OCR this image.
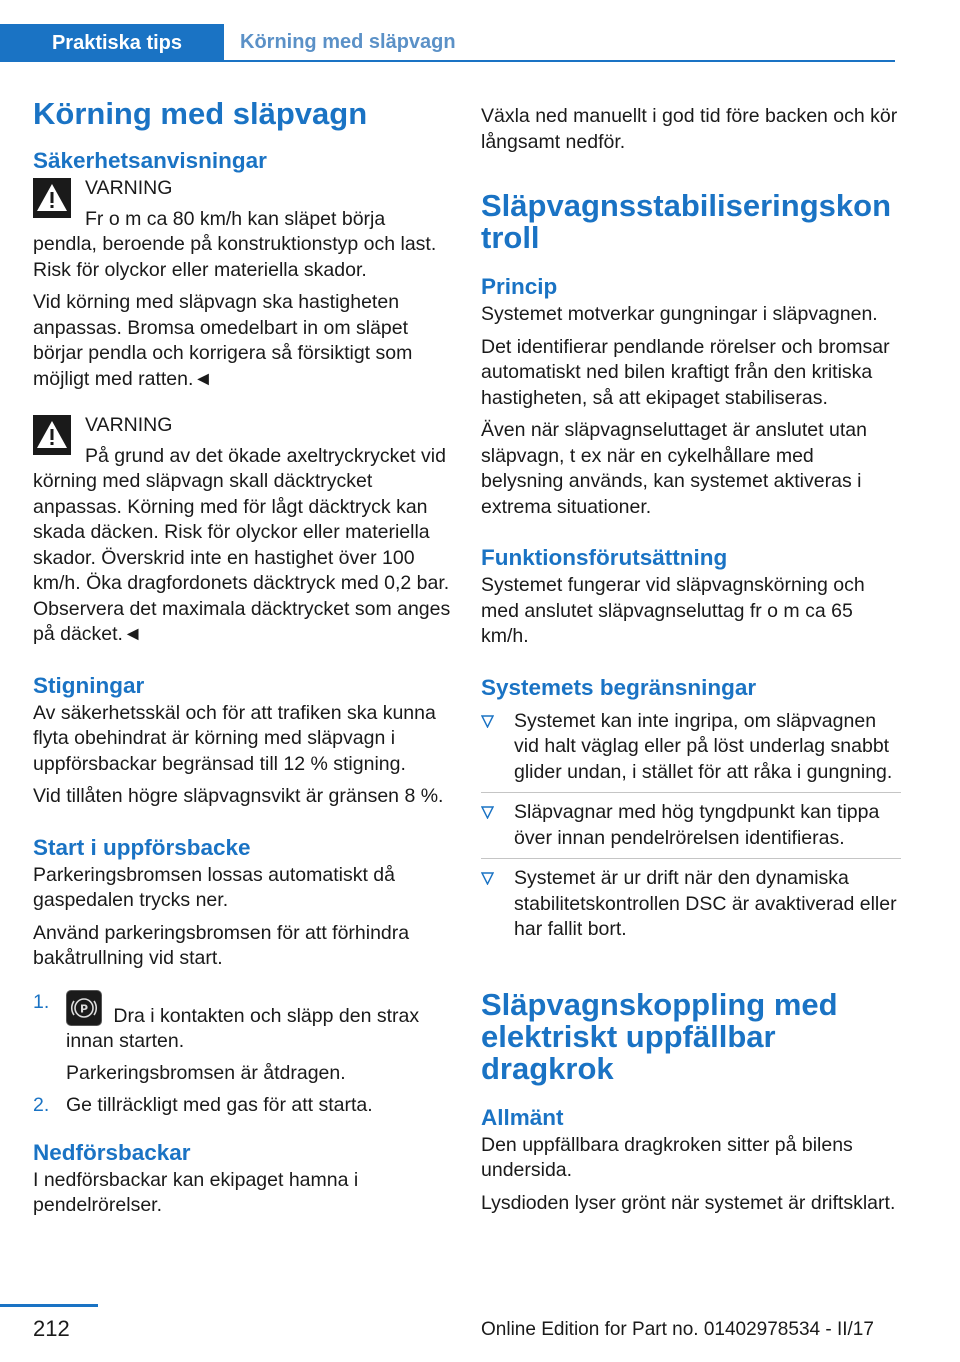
Praktiska tips	Körning med släpvagn
Körning med släpvagn
Säkerhetsanvisningar

VARNING

Fr o m ca 80 km/h kan släpet börja pendla, beroende på konstruktionstyp och last. Risk för olyckor eller materiella skador.

Vid körning med släpvagn ska hastigheten anpassas. Bromsa omedelbart in om släpet börjar pendla och korrigera så försiktigt som möjligt med ratten.◄

VARNING

På grund av det ökade axeltryckrycket vid körning med släpvagn skall däcktrycket anpassas. Körning med för lågt däcktryck kan skada däcken. Risk för olyckor eller materiella skador. Överskrid inte en hastighet över 100 km/h. Öka dragfordonets däcktryck med 0,2 bar. Observera det maximala däcktrycket som anges på däcket.◄

Stigningar

Av säkerhetsskäl och för att trafiken ska kunna flyta obehindrat är körning med släpvagn i uppförsbackar begränsad till 12 % stigning.

Vid tillåten högre släpvagnsvikt är gränsen 8 %.

Start i uppförsbacke

Parkeringsbromsen lossas automatiskt då gaspedalen trycks ner.

Använd parkeringsbromsen för att förhindra bakåtrullning vid start.

1.	P Dra i kontakten och släpp den strax innan starten.

Parkeringsbromsen är åtdragen.

2. Ge tillräckligt med gas för att starta.
Nedförsbackar

I nedförsbackar kan ekipaget hamna i pendelrörelser.

Växla ned manuellt i god tid före backen och kör långsamt nedför.

Släpvagnsstabiliseringskontroll
Princip

Systemet motverkar gungningar i släpvagnen.

Det identifierar pendlande rörelser och bromsar automatiskt ned bilen kraftigt från den kritiska hastigheten, så att ekipaget stabiliseras.

Även när släpvagnseluttaget är anslutet utan släpvagn, t ex när en cykelhållare med belysning används, kan systemet aktiveras i extrema situationer.

Funktionsförutsättning

Systemet fungerar vid släpvagnskörning och med anslutet släpvagnseluttag fr o m ca 65 km/h.

Systemets begränsningar
Systemet kan inte ingripa, om släpvagnen vid halt väglag eller på löst underlag snabbt glider undan, i stället för att råka i gungning.
Släpvagnar med hög tyngdpunkt kan tippa över innan pendelrörelsen identifieras.
Systemet är ur drift när den dynamiska stabilitetskontrollen DSC är avaktiverad eller har fallit bort.
Släpvagnskoppling med elektriskt uppfällbar dragkrok
Allmänt

Den uppfällbara dragkroken sitter på bilens undersida.

Lysdioden lyser grönt när systemet är driftsklart.

212	Online Edition for Part no. 01402978534 - II/17
